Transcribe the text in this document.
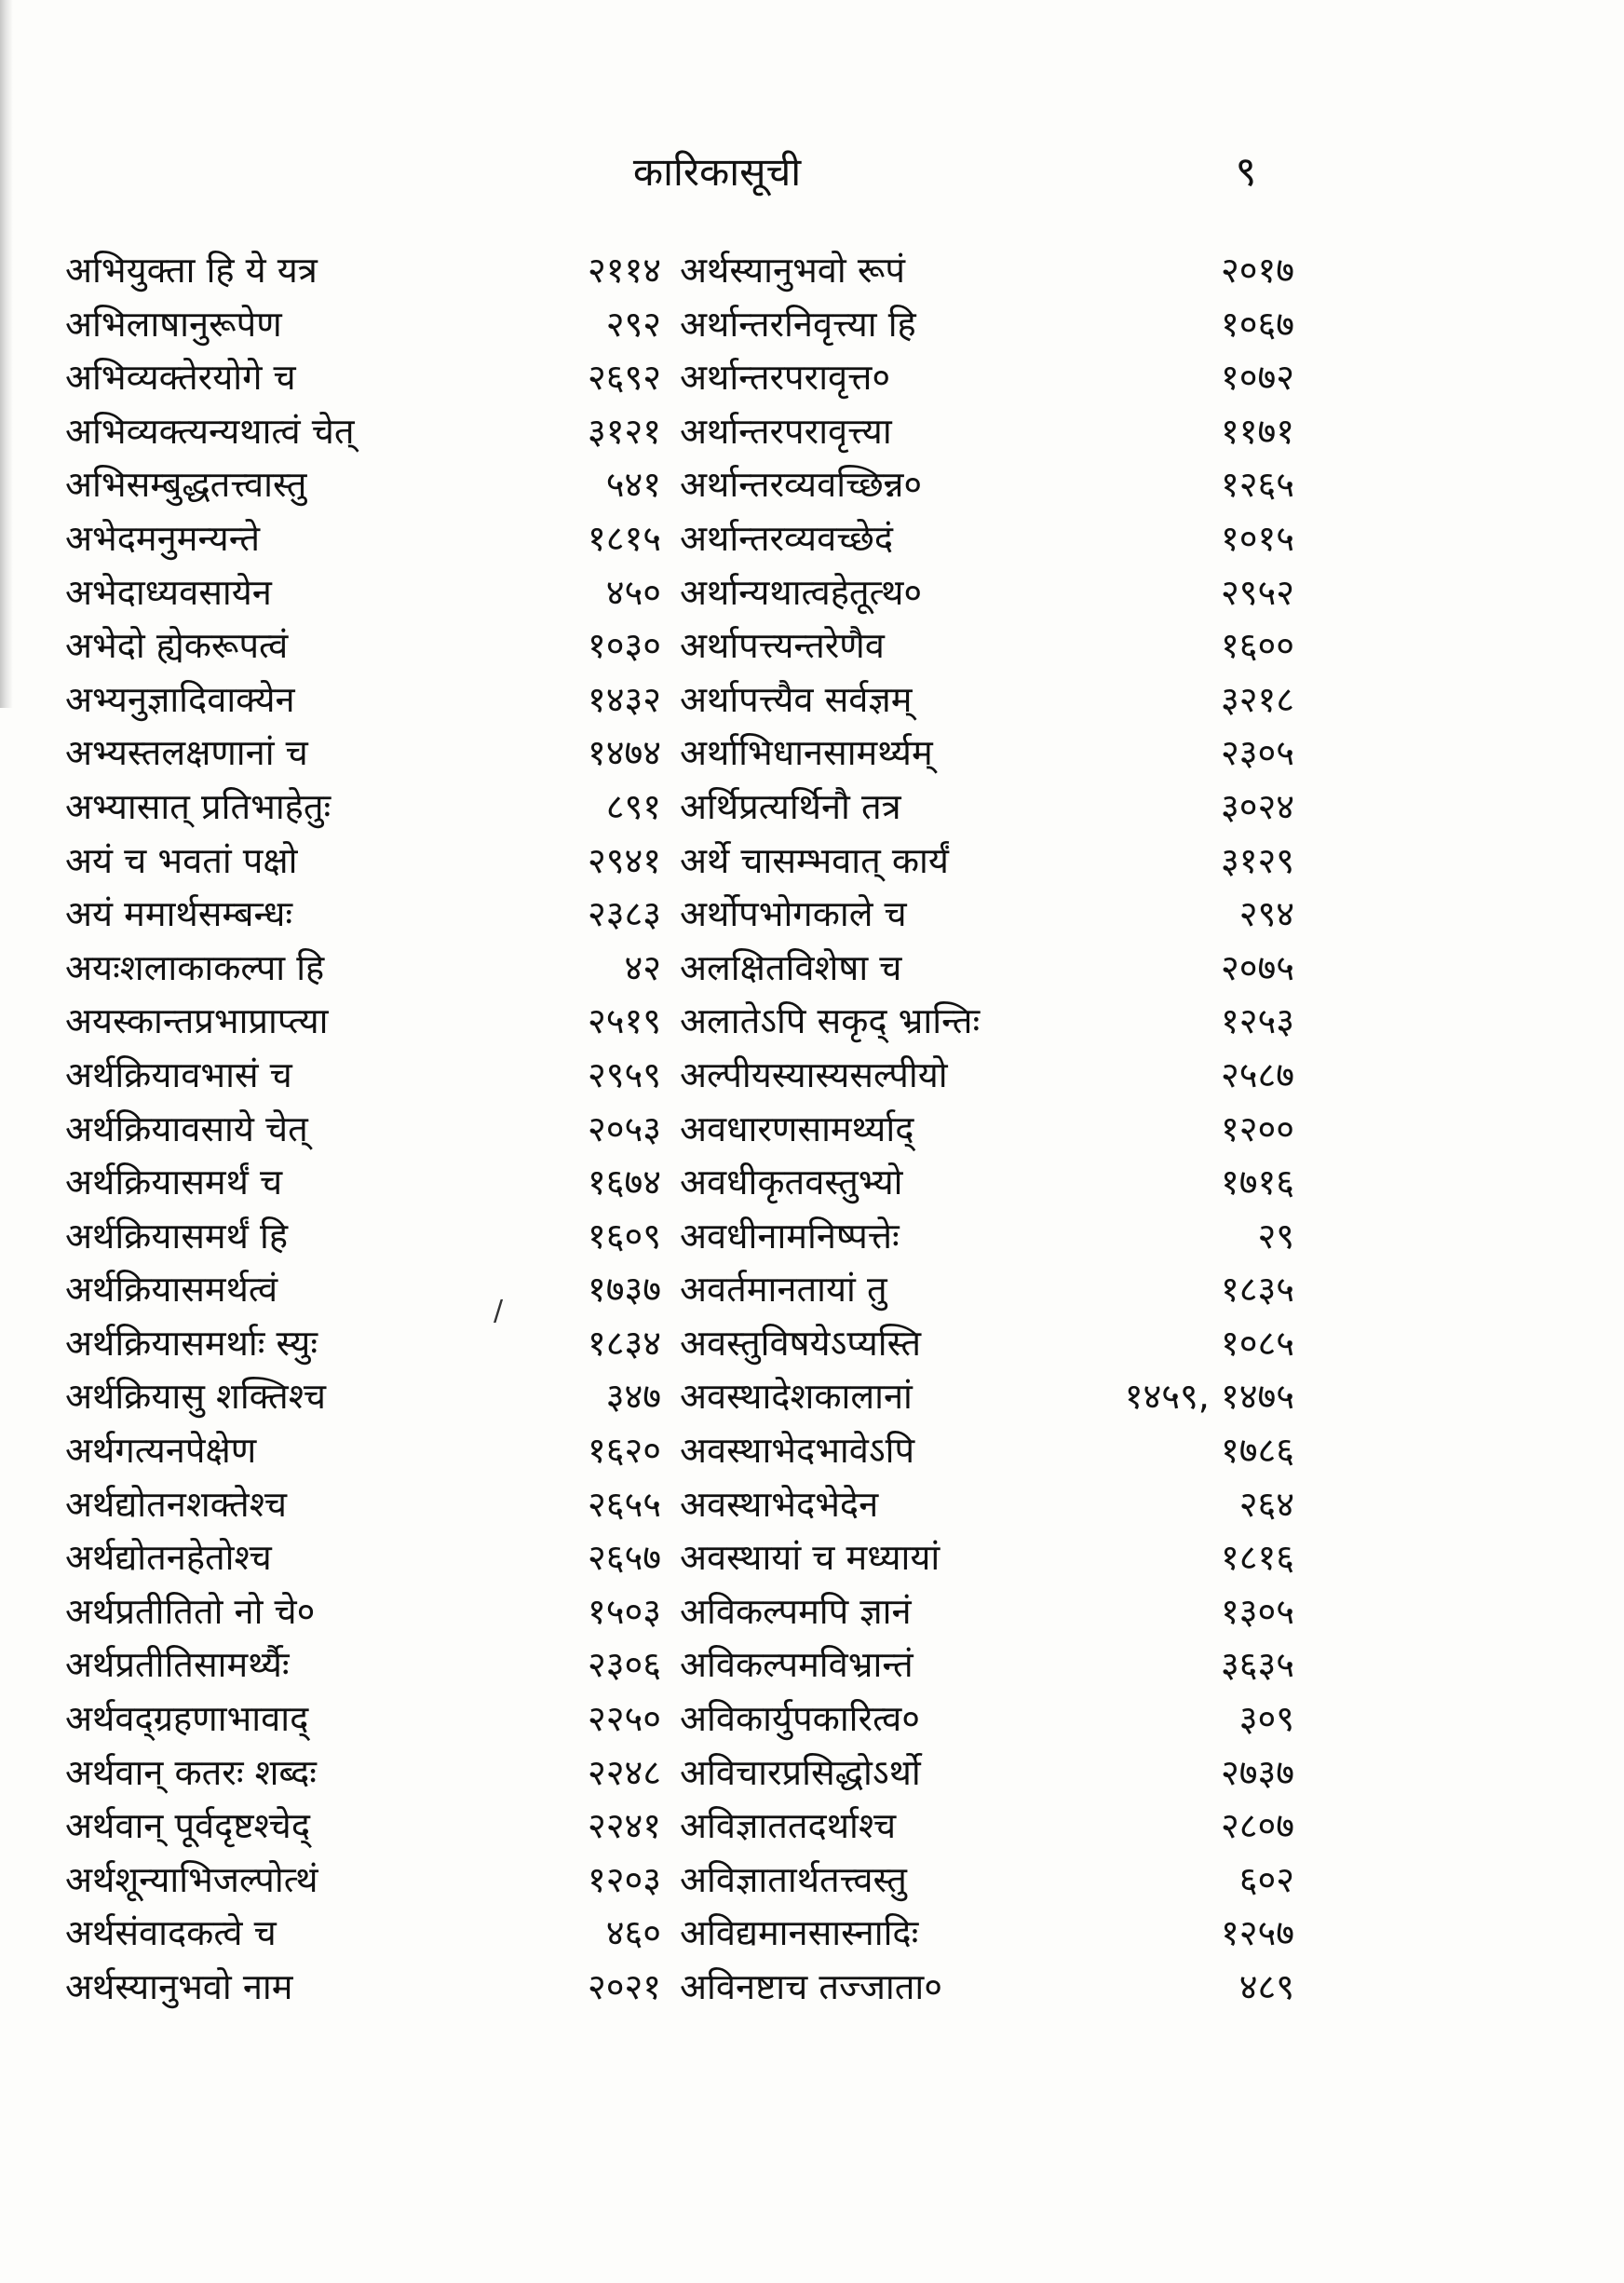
कारिकासूची	९
अभियुक्ता हि ये यत्र	२११४
अभिलाषानुरूपेण	२९२
अभिव्यक्तेरयोगे च	२६९२
अभिव्यक्त्यन्यथात्वं चेत्	३१२१
अभिसम्बुद्धतत्त्वास्तु	५४१
अभेदमनुमन्यन्ते	१८१५
अभेदाध्यवसायेन	४५०
अभेदो ह्येकरूपत्वं	१०३०
अभ्यनुज्ञादिवाक्येन	१४३२
अभ्यस्तलक्षणानां च	१४७४
अभ्यासात् प्रतिभाहेतुः	८९१
अयं च भवतां पक्षो	२९४१
अयं ममार्थसम्बन्धः	२३८३
अयःशलाकाकल्पा हि	४२
अयस्कान्तप्रभाप्राप्त्या	२५१९
अर्थक्रियावभासं च	२९५९
अर्थक्रियावसाये चेत्	२०५३
अर्थक्रियासमर्थं च	१६७४
अर्थक्रियासमर्थं हि	१६०९
अर्थक्रियासमर्थत्वं	१७३७
अर्थक्रियासमर्थाः स्युः	१८३४
अर्थक्रियासु शक्तिश्च	३४७
अर्थगत्यनपेक्षेण	१६२०
अर्थद्योतनशक्तेश्च	२६५५
अर्थद्योतनहेतोश्च	२६५७
अर्थप्रतीतितो नो चे०	१५०३
अर्थप्रतीतिसामर्थ्यैः	२३०६
अर्थवद्ग्रहणाभावाद्	२२५०
अर्थवान् कतरः शब्दः	२२४८
अर्थवान् पूर्वदृष्टश्चेद्	२२४१
अर्थशून्याभिजल्पोत्थं	१२०३
अर्थसंवादकत्वे च	४६०
अर्थस्यानुभवो नाम	२०२१
अर्थस्यानुभवो रूपं	२०१७
अर्थान्तरनिवृत्त्या हि	१०६७
अर्थान्तरपरावृत्त०	१०७२
अर्थान्तरपरावृत्त्या	११७१
अर्थान्तरव्यवच्छिन्न०	१२६५
अर्थान्तरव्यवच्छेदं	१०१५
अर्थान्यथात्वहेतूत्थ०	२९५२
अर्थापत्त्यन्तरेणैव	१६००
अर्थापत्त्यैव सर्वज्ञम्	३२१८
अर्थाभिधानसामर्थ्यम्	२३०५
अर्थिप्रत्यर्थिनौ तत्र	३०२४
अर्थे चासम्भवात् कार्यं	३१२९
अर्थोपभोगकाले च	२९४
अलक्षितविशेषा च	२०७५
अलातेऽपि सकृद् भ्रान्तिः	१२५३
अल्पीयस्यास्यसल्पीयो	२५८७
अवधारणसामर्थ्याद्	१२००
अवधीकृतवस्तुभ्यो	१७१६
अवधीनामनिष्पत्तेः	२९
अवर्तमानतायां तु	१८३५
अवस्तुविषयेऽप्यस्ति	१०८५
अवस्थादेशकालानां	१४५९, १४७५
अवस्थाभेदभावेऽपि	१७८६
अवस्थाभेदभेदेन	२६४
अवस्थायां च मध्यायां	१८१६
अविकल्पमपि ज्ञानं	१३०५
अविकल्पमविभ्रान्तं	३६३५
अविकार्युपकारित्व०	३०९
अविचारप्रसिद्धोऽर्थो	२७३७
अविज्ञाततदर्थाश्च	२८०७
अविज्ञातार्थतत्त्वस्तु	६०२
अविद्यमानसास्नादिः	१२५७
अविनष्टाच तज्जाता०	४८९
/
